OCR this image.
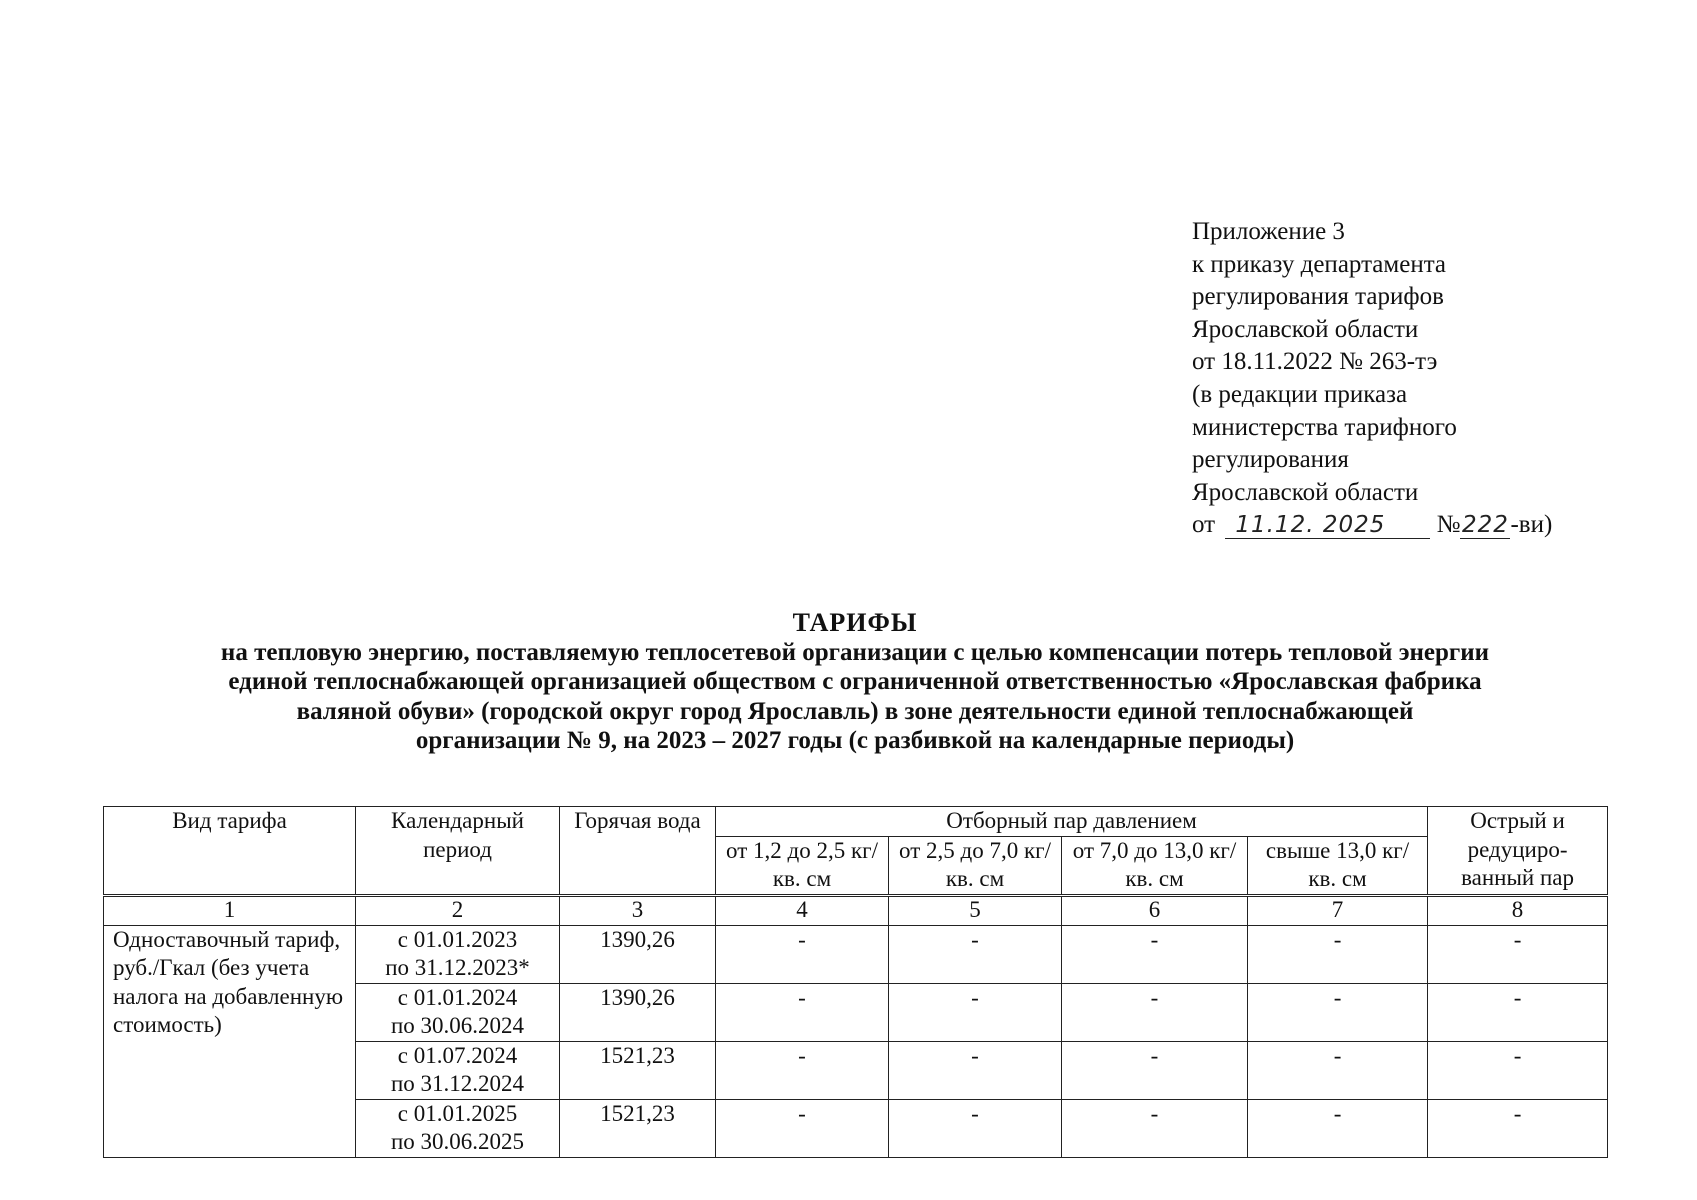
Приложение 3
к приказу департамента
регулирования тарифов
Ярославской области
от 18.11.2022 № 263-тэ
(в редакции приказа
министерства тарифного
регулирования
Ярославской области
от 11.12. 2025 №222-ви)
ТАРИФЫ
на тепловую энергию, поставляемую теплосетевой организации с целью компенсации потерь тепловой энергии
единой теплоснабжающей организацией обществом с ограниченной ответственностью «Ярославская фабрика
валяной обуви» (городской округ город Ярославль) в зоне деятельности единой теплоснабжающей
организации № 9, на 2023 – 2027 годы (с разбивкой на календарные периоды)
Вид тарифа	Календарный период	Горячая вода	Отборный пар давлением				Острый и редуциро-ванный пар
			от 1,2 до 2,5 кг/ кв. см	от 2,5 до 7,0 кг/ кв. см	от 7,0 до 13,0 кг/ кв. см	свыше 13,0 кг/ кв. см	
1	2	3	4	5	6	7	8
Одноставочный тариф, руб./Гкал (без учета налога на добавленную стоимость)	с 01.01.2023
по 31.12.2023*	1390,26	-	-	-	-	-

	с 01.01.2024
по 30.06.2024	1390,26	-	-	-	-	-

	с 01.07.2024
по 31.12.2024	1521,23	-	-	-	-	-

	с 01.01.2025
по 30.06.2025	1521,23	-	-	-	-	-
